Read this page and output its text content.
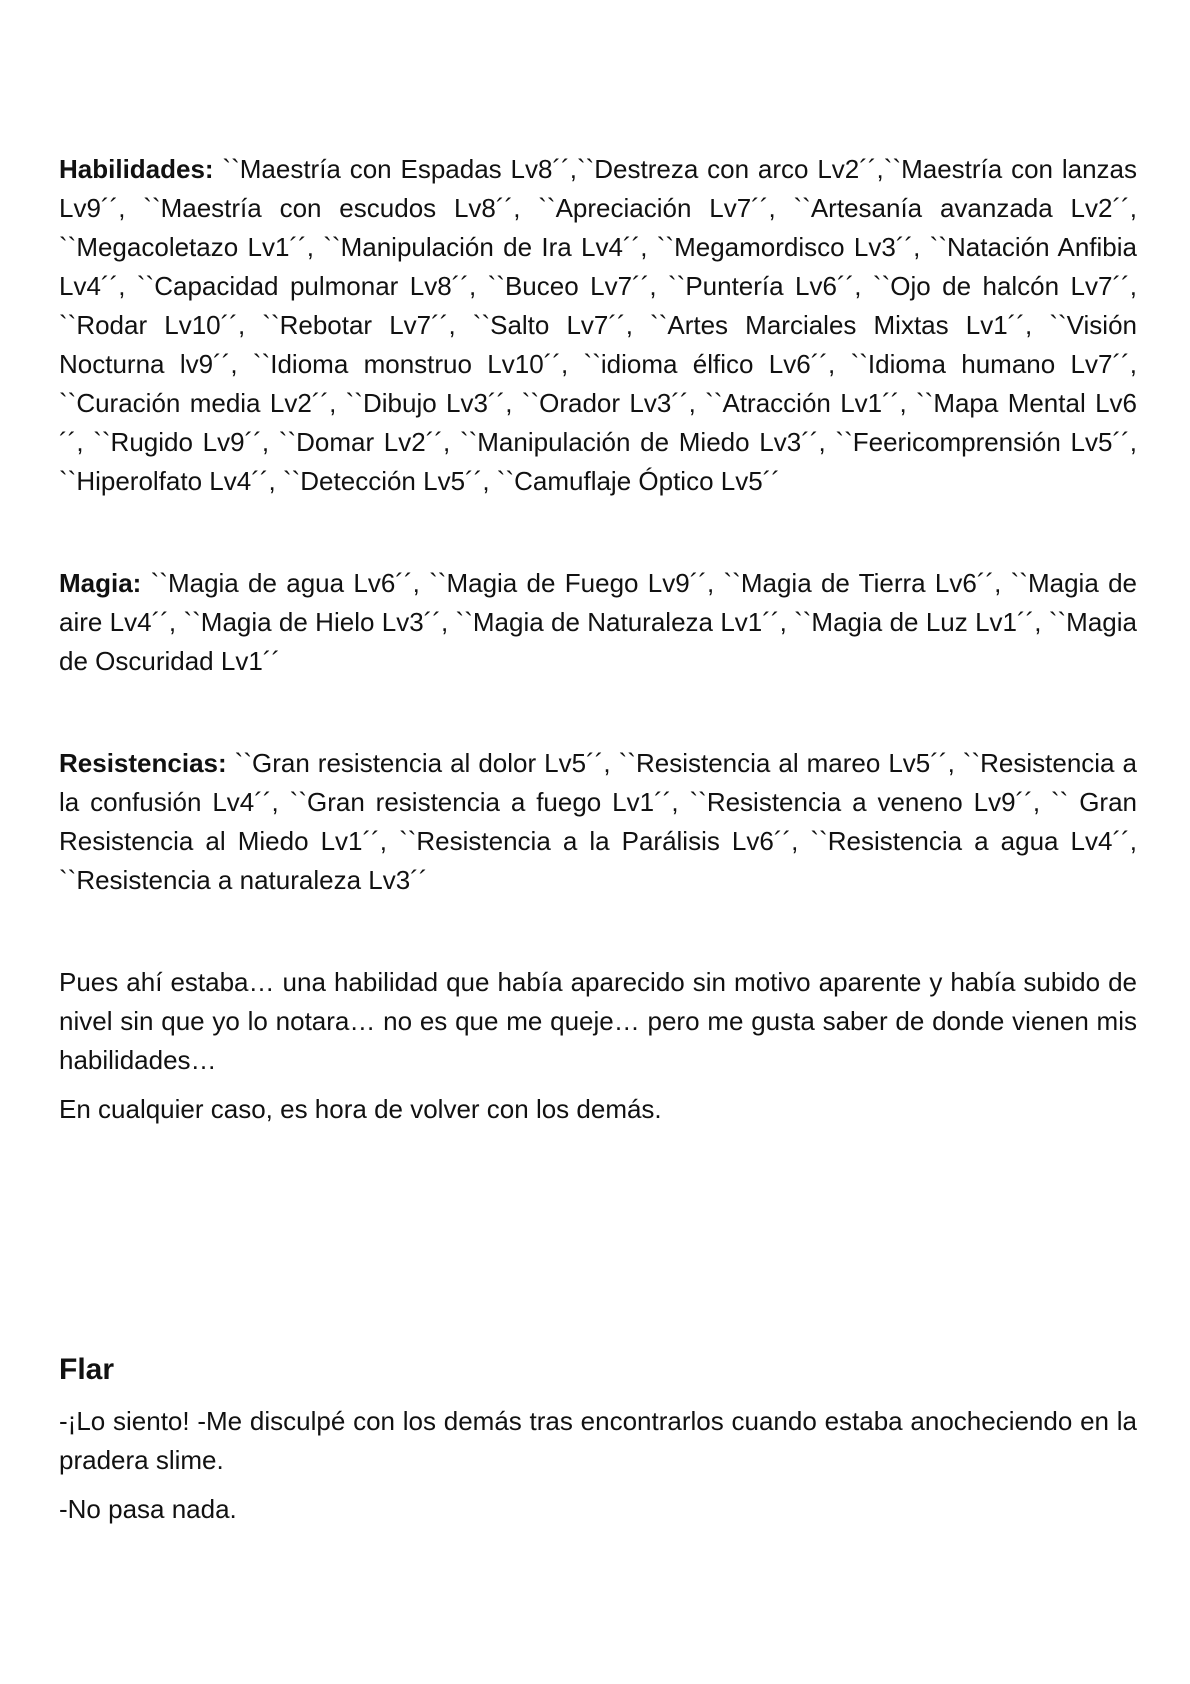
Habilidades: ``Maestría con Espadas Lv8´´,``Destreza con arco Lv2´´,``Maestría con lanzas Lv9´´, ``Maestría con escudos Lv8´´, ``Apreciación Lv7´´, ``Artesanía avanzada Lv2´´, ``Megacoletazo Lv1´´, ``Manipulación de Ira Lv4´´, ``Megamordisco Lv3´´, ``Natación Anfibia Lv4´´, ``Capacidad pulmonar Lv8´´, ``Buceo Lv7´´, ``Puntería Lv6´´, ``Ojo de halcón Lv7´´, ``Rodar Lv10´´, ``Rebotar Lv7´´, ``Salto Lv7´´, ``Artes Marciales Mixtas Lv1´´, ``Visión Nocturna lv9´´, ``Idioma monstruo Lv10´´, ``idioma élfico Lv6´´, ``Idioma humano Lv7´´, ``Curación media Lv2´´, ``Dibujo Lv3´´, ``Orador Lv3´´, ``Atracción Lv1´´, ``Mapa Mental Lv6´´, ``Rugido Lv9´´, ``Domar Lv2´´, ``Manipulación de Miedo Lv3´´, ``Feericomprensión Lv5´´, ``Hiperolfato Lv4´´, ``Detección Lv5´´, ``Camuflaje Óptico Lv5´´

Magia: ``Magia de agua Lv6´´, ``Magia de Fuego Lv9´´, ``Magia de Tierra Lv6´´, ``Magia de aire Lv4´´, ``Magia de Hielo Lv3´´, ``Magia de Naturaleza Lv1´´, ``Magia de Luz Lv1´´, ``Magia de Oscuridad Lv1´´

Resistencias: ``Gran resistencia al dolor Lv5´´, ``Resistencia al mareo Lv5´´, ``Resistencia a la confusión Lv4´´, ``Gran resistencia a fuego Lv1´´, ``Resistencia a veneno Lv9´´, `` Gran Resistencia al Miedo Lv1´´, ``Resistencia a la Parálisis Lv6´´, ``Resistencia a agua Lv4´´, ``Resistencia a naturaleza Lv3´´

Pues ahí estaba… una habilidad que había aparecido sin motivo aparente y había subido de nivel sin que yo lo notara… no es que me queje… pero me gusta saber de donde vienen mis habilidades…

En cualquier caso, es hora de volver con los demás.

Flar

-¡Lo siento! -Me disculpé con los demás tras encontrarlos cuando estaba anocheciendo en la pradera slime.

-No pasa nada.
